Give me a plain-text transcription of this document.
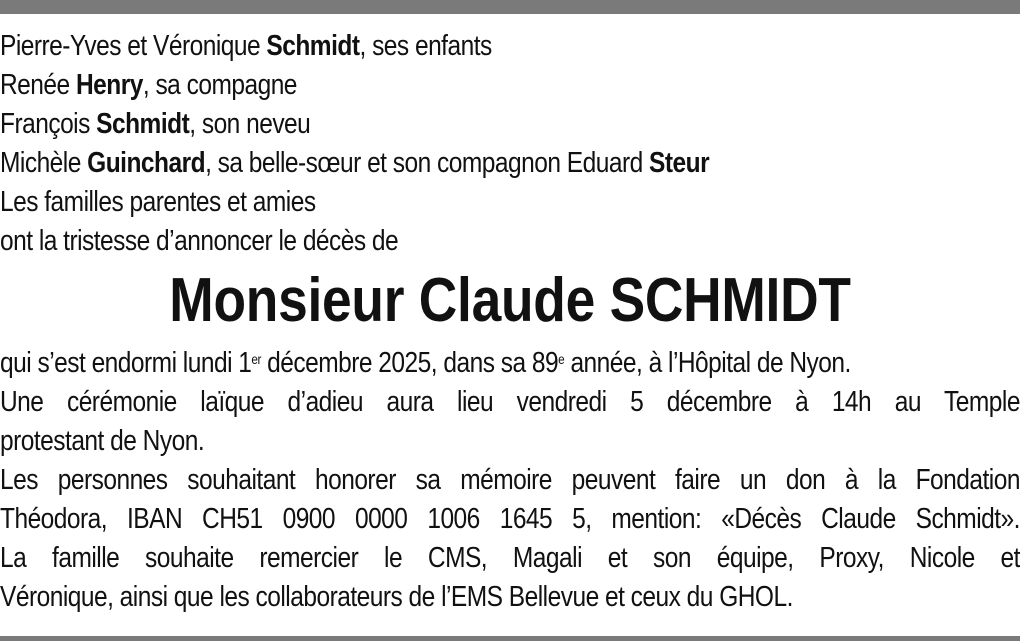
Pierre-Yves et Véronique Schmidt, ses enfants
Renée Henry, sa compagne
François Schmidt, son neveu
Michèle Guinchard, sa belle-sœur et son compagnon Eduard Steur
Les familles parentes et amies
ont la tristesse d’annoncer le décès de
Monsieur Claude SCHMIDT
qui s’est endormi lundi 1er décembre 2025, dans sa 89e année, à l’Hôpital de Nyon.
Une cérémonie laïque d’adieu aura lieu vendredi 5 décembre à 14h au Temple
protestant de Nyon.
Les personnes souhaitant honorer sa mémoire peuvent faire un don à la Fondation
Théodora, IBAN CH51 0900 0000 1006 1645 5, mention: «Décès Claude Schmidt».
La famille souhaite remercier le CMS, Magali et son équipe, Proxy, Nicole et
Véronique, ainsi que les collaborateurs de l’EMS Bellevue et ceux du GHOL.
